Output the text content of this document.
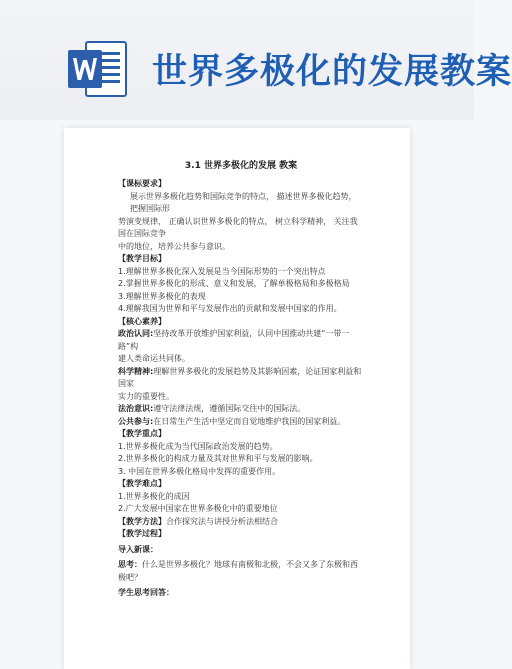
世界多极化的发展教案
3.1 世界多极化的发展 教案
【课标要求】
展示世界多极化趋势和国际竞争的特点， 描述世界多极化趋势， 把握国际形
势演变规律， 正确认识世界多极化的特点， 树立科学精神， 关注我国在国际竞争
中的地位，培养公共参与意识。
【教学目标】
1.理解世界多极化深入发展是当今国际形势的一个突出特点
2.掌握世界多极化的形成、意义和发展，了解单极格局和多极格局
3.理解世界多极化的表现
4.理解我国为世界和平与发展作出的贡献和发展中国家的作用。
【核心素养】
政治认同:坚持改革开放维护国家利益，认同中国推动共建“一带一路”构
建人类命运共同体。
科学精神:理解世界多极化的发展趋势及其影响因素，论证国家利益和国家
实力的重要性。
法治意识:遵守法律法规，遵循国际交往中的国际法。
公共参与:在日常生产生活中坚定而自觉地维护我国的国家利益。
【教学重点】
1.世界多极化成为当代国际政治发展的趋势。
2.世界多极化的构成力量及其对世界和平与发展的影响。
3. 中国在世界多极化格局中发挥的重要作用。
【教学难点】
1.世界多极化的成因
2.广大发展中国家在世界多极化中的重要地位
【教学方法】合作探究法与讲授分析法相结合
【教学过程】
导入新课：
思考：什么是世界多极化？地球有南极和北极，不会又多了东极和西极吧？
学生思考回答：
